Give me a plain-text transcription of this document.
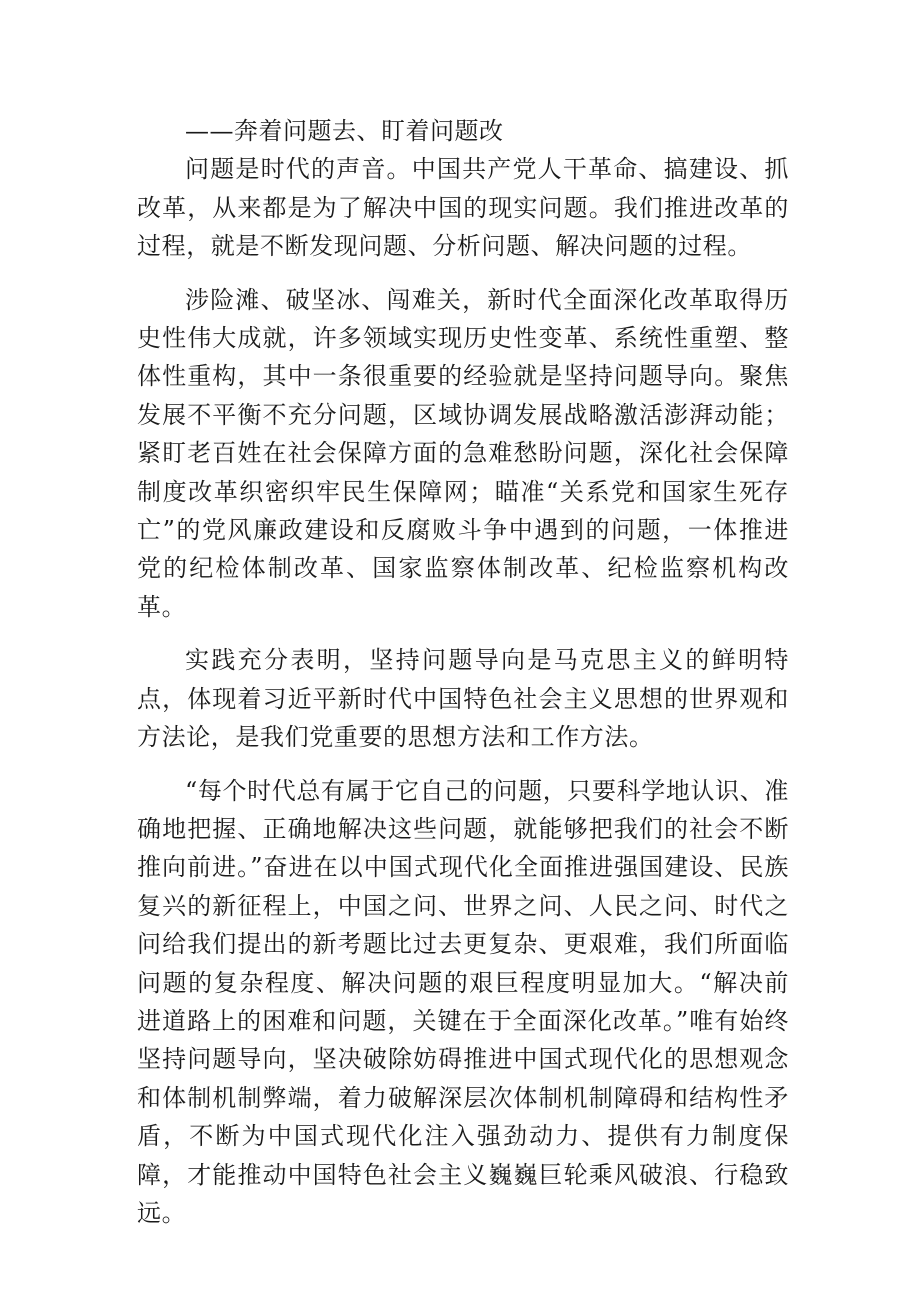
——奔着问题去、盯着问题改

问题是时代的声音。中国共产党人干革命、搞建设、抓改革，从来都是为了解决中国的现实问题。我们推进改革的过程，就是不断发现问题、分析问题、解决问题的过程。

涉险滩、破坚冰、闯难关，新时代全面深化改革取得历史性伟大成就，许多领域实现历史性变革、系统性重塑、整体性重构，其中一条很重要的经验就是坚持问题导向。聚焦发展不平衡不充分问题，区域协调发展战略激活澎湃动能；紧盯老百姓在社会保障方面的急难愁盼问题，深化社会保障制度改革织密织牢民生保障网；瞄准“关系党和国家生死存亡”的党风廉政建设和反腐败斗争中遇到的问题，一体推进党的纪检体制改革、国家监察体制改革、纪检监察机构改革。

实践充分表明，坚持问题导向是马克思主义的鲜明特点，体现着习近平新时代中国特色社会主义思想的世界观和方法论，是我们党重要的思想方法和工作方法。

“每个时代总有属于它自己的问题，只要科学地认识、准确地把握、正确地解决这些问题，就能够把我们的社会不断推向前进。”奋进在以中国式现代化全面推进强国建设、民族复兴的新征程上，中国之问、世界之问、人民之问、时代之问给我们提出的新考题比过去更复杂、更艰难，我们所面临问题的复杂程度、解决问题的艰巨程度明显加大。“解决前进道路上的困难和问题，关键在于全面深化改革。”唯有始终坚持问题导向，坚决破除妨碍推进中国式现代化的思想观念和体制机制弊端，着力破解深层次体制机制障碍和结构性矛盾，不断为中国式现代化注入强劲动力、提供有力制度保障，才能推动中国特色社会主义巍巍巨轮乘风破浪、行稳致远。
